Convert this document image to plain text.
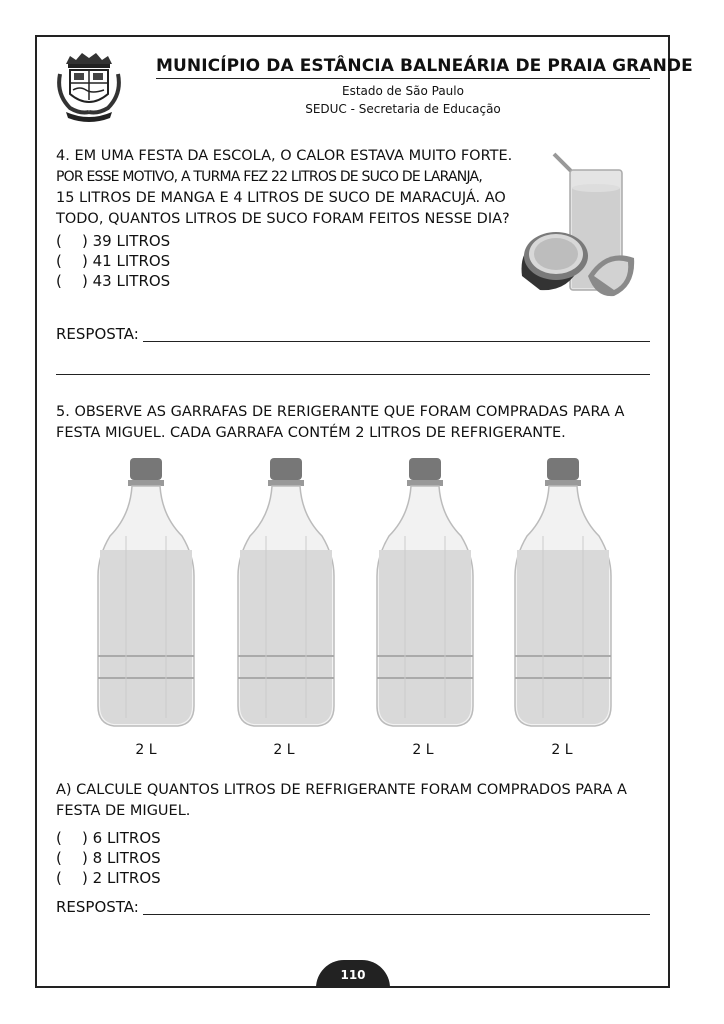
MUNICÍPIO DA ESTÂNCIA BALNEÁRIA DE PRAIA GRANDE
Estado de São Paulo
SEDUC - Secretaria de Educação
4. EM UMA FESTA DA ESCOLA, O CALOR ESTAVA MUITO FORTE.
POR ESSE MOTIVO, A TURMA FEZ 22 LITROS DE SUCO DE LARANJA,
15 LITROS DE MANGA E 4 LITROS DE SUCO DE MARACUJÁ. AO
TODO, QUANTOS LITROS DE SUCO FORAM FEITOS NESSE DIA?
( ) 39 LITROS
( ) 41 LITROS
( ) 43 LITROS
RESPOSTA:
5. OBSERVE AS GARRAFAS DE RERIGERANTE QUE FORAM COMPRADAS PARA A
FESTA MIGUEL. CADA GARRAFA CONTÉM 2 LITROS DE REFRIGERANTE.
2 L	2 L	2 L	2 L
A) CALCULE QUANTOS LITROS DE REFRIGERANTE FORAM COMPRADOS PARA A
FESTA DE MIGUEL.
( ) 6 LITROS
( ) 8 LITROS
( ) 2 LITROS
RESPOSTA:
110
